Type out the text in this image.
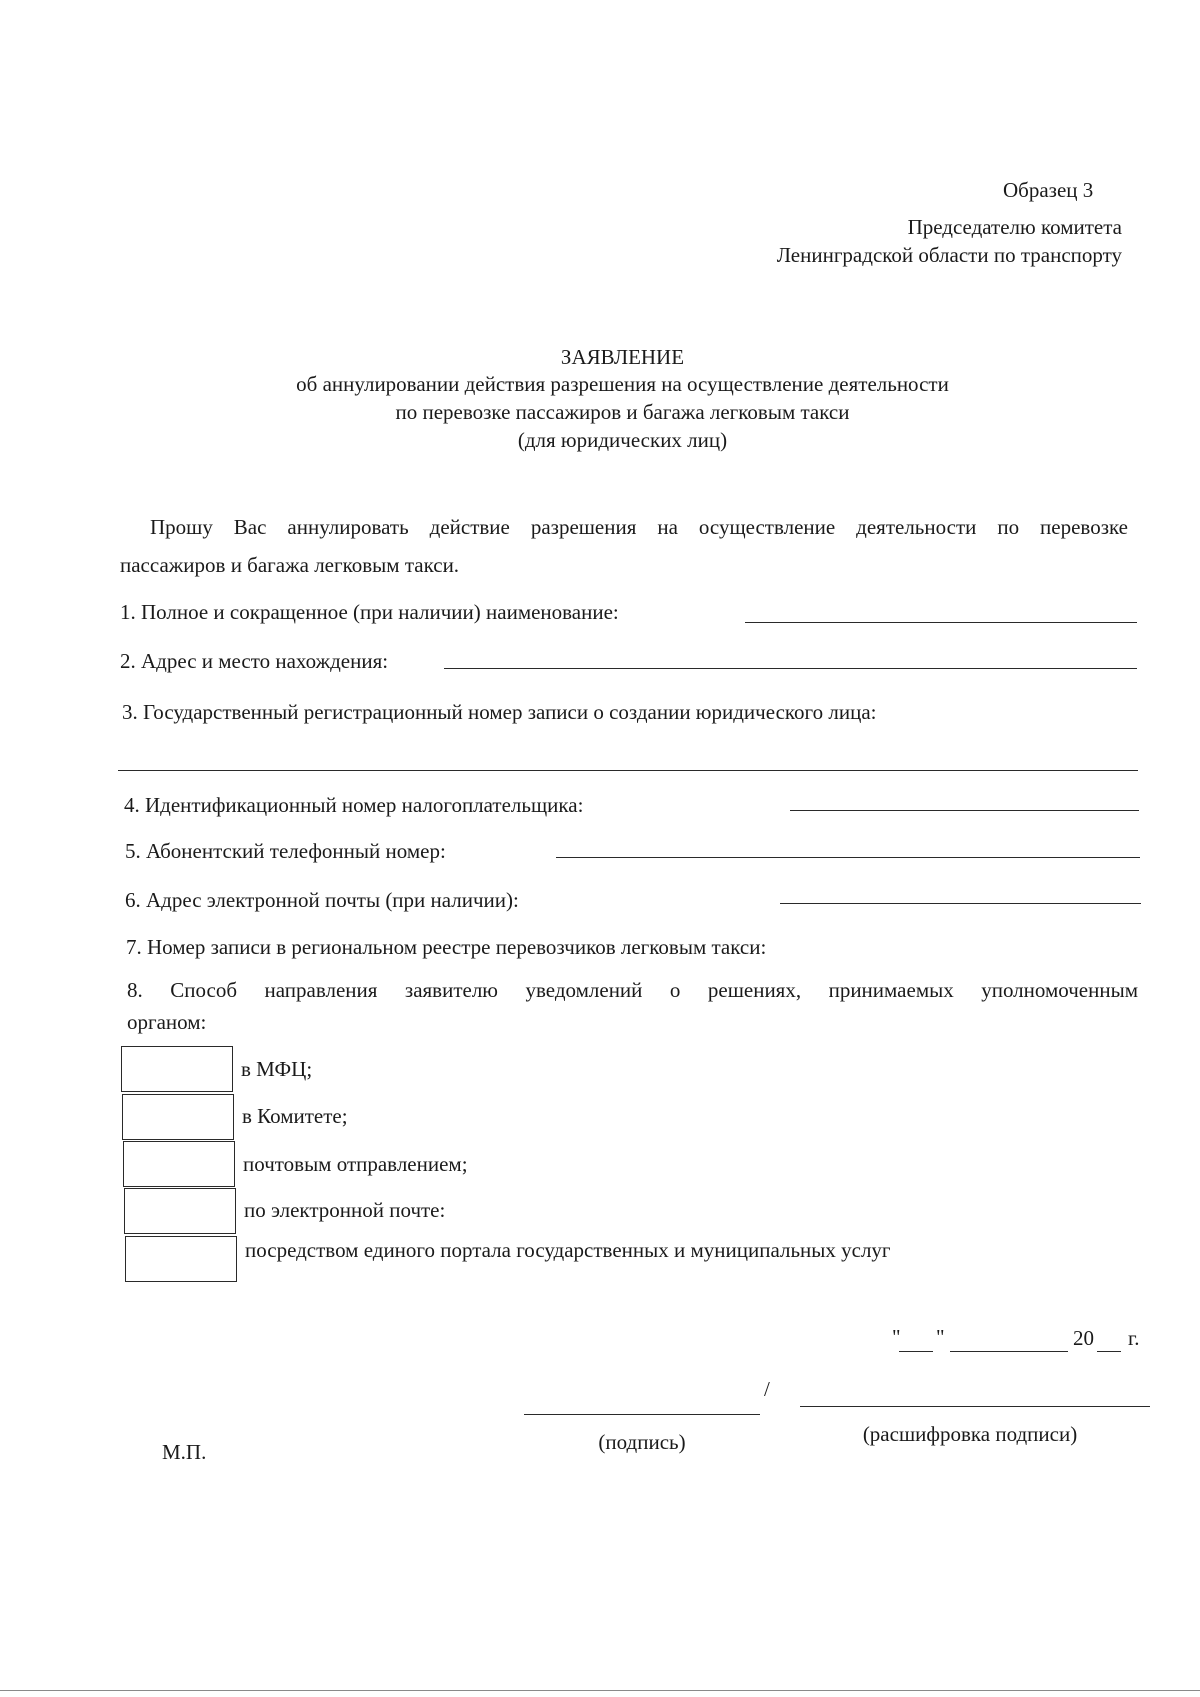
Образец 3
Председателю комитета
Ленинградской области по транспорту
ЗАЯВЛЕНИЕ
об аннулировании действия разрешения на осуществление деятельности
по перевозке пассажиров и багажа легковым такси
(для юридических лиц)
Прошу Вас аннулировать действие разрешения на осуществление деятельности по перевозке
пассажиров и багажа легковым такси.
1. Полное и сокращенное (при наличии) наименование:
2. Адрес и место нахождения:
3. Государственный регистрационный номер записи о создании юридического лица:
4. Идентификационный номер налогоплательщика:
5. Абонентский телефонный номер:
6. Адрес электронной почты (при наличии):
7. Номер записи в региональном реестре перевозчиков легковым такси:
8. Способ направления заявителю уведомлений о решениях, принимаемых уполномоченным
органом:
в МФЦ;
в Комитете;
почтовым отправлением;
по электронной почте:
посредством единого портала государственных и муниципальных услуг
" "	20 г.
/
(подпись)	(расшифровка подписи)
М.П.
